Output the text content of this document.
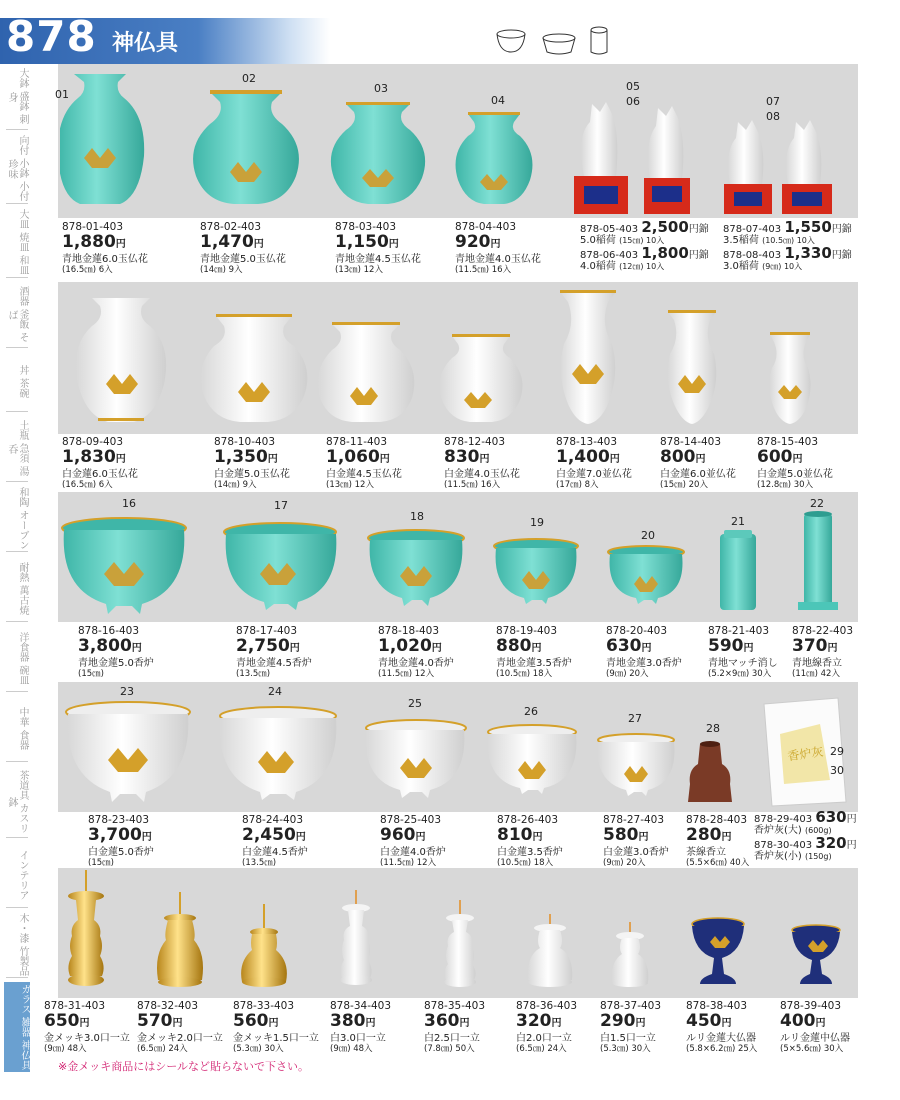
878 神仏具
大鉢 盛鉢 刺身
向付 小鉢 小付珍味
大皿 焼皿 和皿
酒器 釜飯 そば
丼 茶碗
土瓶 急須 湯呑
和陶 オーブン
耐熱 萬古焼
洋食器 碗皿
中華 食器
茶道具 カスリ鉢
インテリア
木・漆 竹製品
ガラス 雑器 神仏具
01
02
03
04
05
06	07
08
878-01-403
1,880円
青地金蓮6.0玉仏花
(16.5㎝) 6入
878-02-403
1,470円
青地金蓮5.0玉仏花
(14㎝) 9入
878-03-403
1,150円
青地金蓮4.5玉仏花
(13㎝) 12入
878-04-403
920円
青地金蓮4.0玉仏花
(11.5㎝) 16入
878-05-403 2,500円錦5.0稲荷 (15㎝) 10入
878-06-403 1,800円錦4.0稲荷 (12㎝) 10入
878-07-403 1,550円錦3.5稲荷 (10.5㎝) 10入
878-08-403 1,330円錦3.0稲荷 (9㎝) 10入
878-09-403
1,830円
白金蓮6.0玉仏花
(16.5㎝) 6入
878-10-403
1,350円
白金蓮5.0玉仏花
(14㎝) 9入
878-11-403
1,060円
白金蓮4.5玉仏花
(13㎝) 12入
878-12-403
830円
白金蓮4.0玉仏花
(11.5㎝) 16入
878-13-403
1,400円
白金蓮7.0並仏花
(17㎝) 8入
878-14-403
800円
白金蓮6.0並仏花
(15㎝) 20入
878-15-403
600円
白金蓮5.0並仏花
(12.8㎝) 30入
16	17
18	19
20
21
22
878-16-403
3,800円
青地金蓮5.0香炉
(15㎝)
878-17-403
2,750円
青地金蓮4.5香炉
(13.5㎝)
878-18-403
1,020円
青地金蓮4.0香炉
(11.5㎝) 12入
878-19-403
880円
青地金蓮3.5香炉
(10.5㎝) 18入
878-20-403
630円
青地金蓮3.0香炉
(9㎝) 20入
878-21-403
590円
青地マッチ消し
(5.2×9㎝) 30入
878-22-403
370円
青地線香立
(11㎝) 42入
香炉灰
23	24
25
26
27
28
29
30
878-23-403
3,700円
白金蓮5.0香炉
(15㎝)
878-24-403
2,450円
白金蓮4.5香炉
(13.5㎝)
878-25-403
960円
白金蓮4.0香炉
(11.5㎝) 12入
878-26-403
810円
白金蓮3.5香炉
(10.5㎝) 18入
878-27-403
580円
白金蓮3.0香炉
(9㎝) 20入
878-28-403
280円
茶線香立
(5.5×6㎝) 40入
878-29-403 630円香炉灰(大) (600g)
878-30-403 320円香炉灰(小) (150g)
878-31-403
650円
金メッキ3.0口一立
(9㎝) 48入
878-32-403
570円
金メッキ2.0口一立
(6.5㎝) 24入
878-33-403
560円
金メッキ1.5口一立
(5.3㎝) 30入
878-34-403
380円
白3.0口一立
(9㎝) 48入
878-35-403
360円
白2.5口一立
(7.8㎝) 50入
878-36-403
320円
白2.0口一立
(6.5㎝) 24入
878-37-403
290円
白1.5口一立
(5.3㎝) 30入
878-38-403
450円
ルリ金蓮大仏器
(5.8×6.2㎝) 25入
878-39-403
400円
ルリ金蓮中仏器
(5×5.6㎝) 30入
※金メッキ商品にはシールなど貼らないで下さい。
